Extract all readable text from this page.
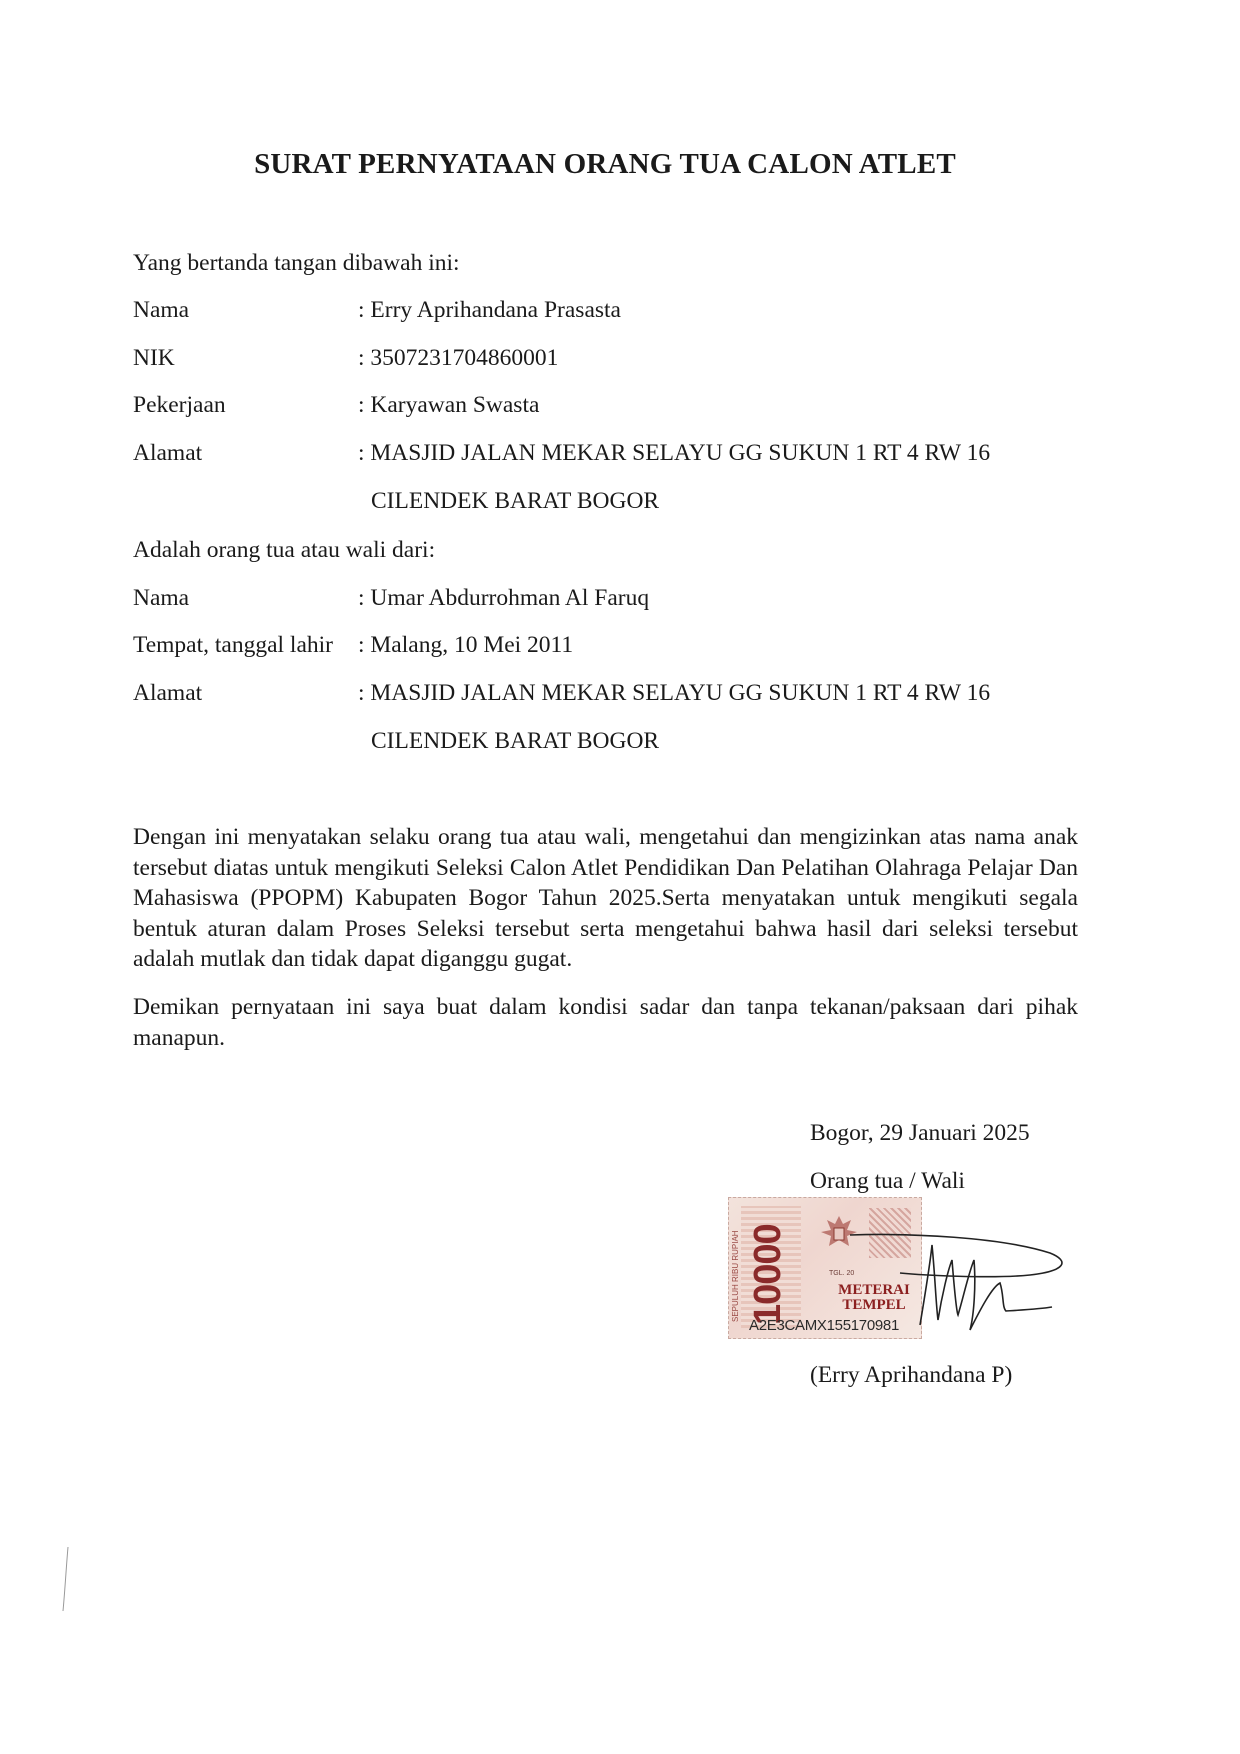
SURAT PERNYATAAN ORANG TUA CALON ATLET
Yang bertanda tangan dibawah ini:
Nama	: Erry Aprihandana Prasasta
NIK	: 3507231704860001
Pekerjaan	: Karyawan Swasta
Alamat	: MASJID JALAN MEKAR SELAYU GG SUKUN 1 RT 4 RW 16
CILENDEK BARAT BOGOR
Adalah orang tua atau wali dari:
Nama	: Umar Abdurrohman Al Faruq
Tempat, tanggal lahir : Malang, 10 Mei 2011
Alamat	: MASJID JALAN MEKAR SELAYU GG SUKUN 1 RT 4 RW 16
CILENDEK BARAT BOGOR

Dengan ini menyatakan selaku orang tua atau wali, mengetahui dan mengizinkan atas nama anak tersebut diatas untuk mengikuti Seleksi Calon Atlet Pendidikan Dan Pelatihan Olahraga Pelajar Dan Mahasiswa (PPOPM) Kabupaten Bogor Tahun 2025.Serta menyatakan untuk mengikuti segala bentuk aturan dalam Proses Seleksi tersebut serta mengetahui bahwa hasil dari seleksi tersebut adalah mutlak dan tidak dapat diganggu gugat.

Demikan pernyataan ini saya buat dalam kondisi sadar dan tanpa tekanan/paksaan dari pihak manapun.

Bogor, 29 Januari 2025
Orang tua / Wali
SEPULUH RIBU RUPIAH 10000	TGL. 20
METERAI
TEMPEL
A2E3CAMX155170981
(Erry Aprihandana P)
